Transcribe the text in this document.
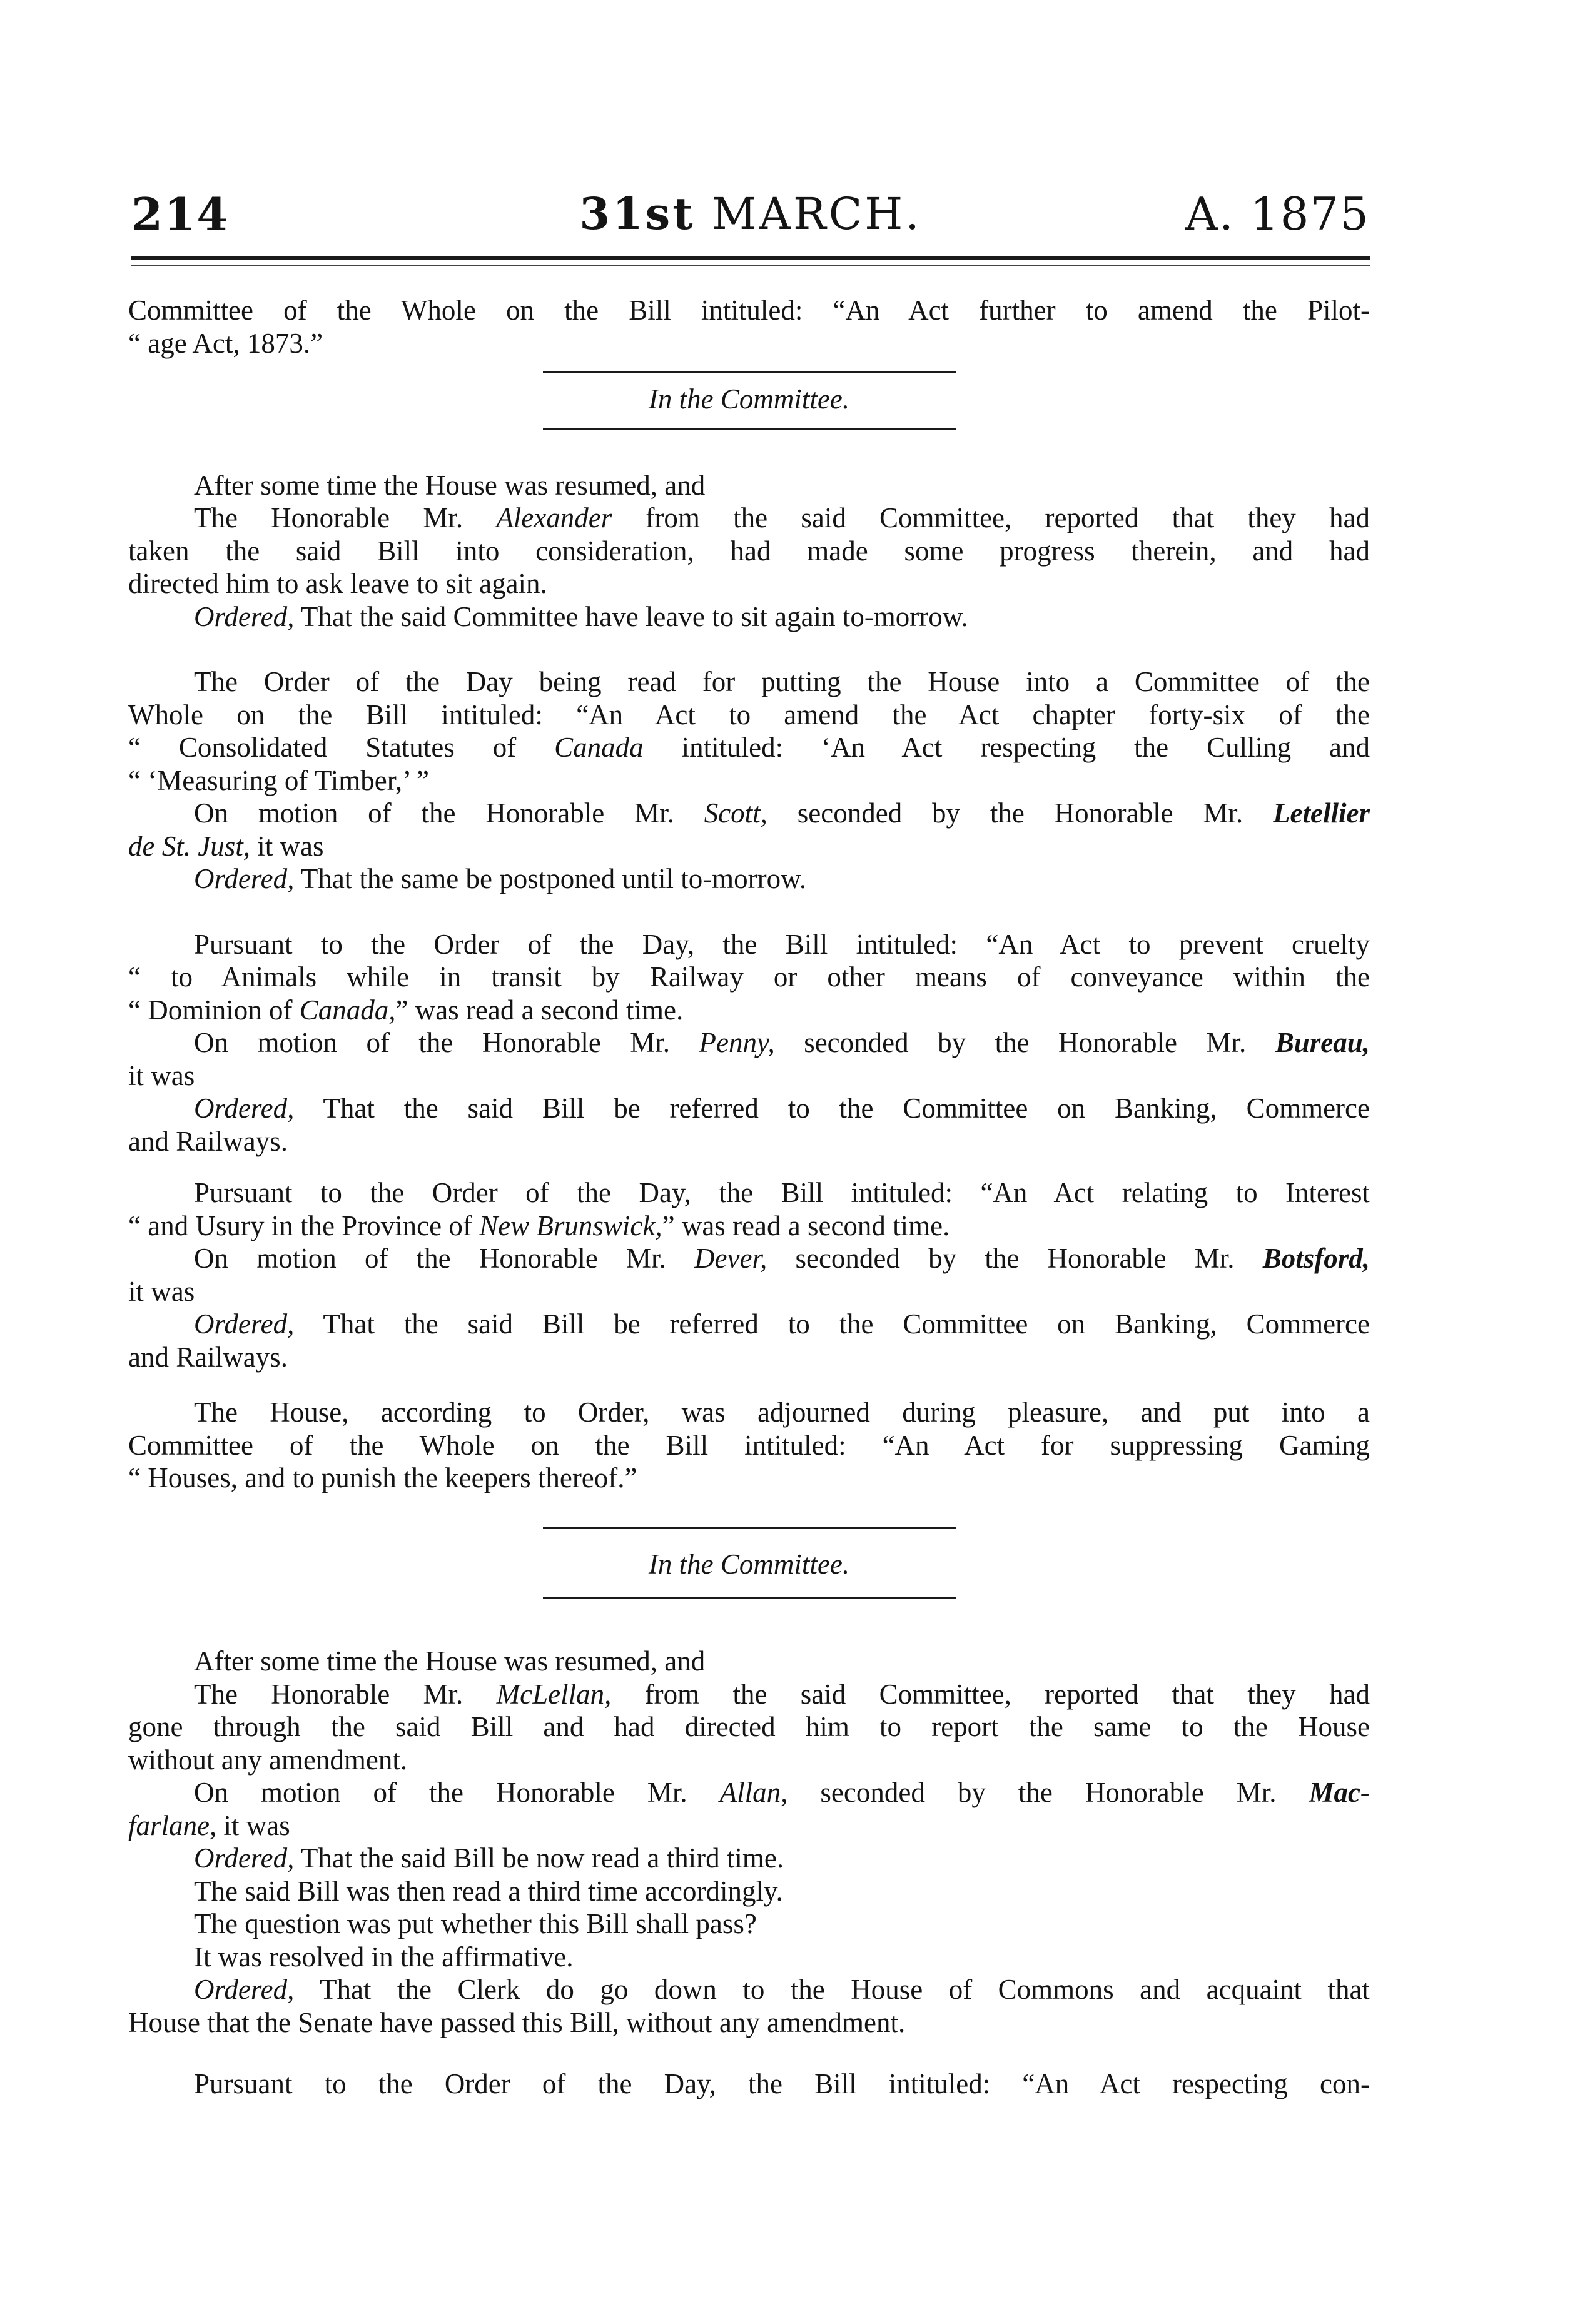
214	31st MARCH.	A. 1875

Committee of the Whole on the Bill intituled: “An Act further to amend the Pilot-
“ age Act, 1873.”

In the Committee.

After some time the House was resumed, and
The Honorable Mr. Alexander from the said Committee, reported that they had
taken the said Bill into consideration, had made some progress therein, and had
directed him to ask leave to sit again.
Ordered, That the said Committee have leave to sit again to-morrow.

The Order of the Day being read for putting the House into a Committee of the
Whole on the Bill intituled: “An Act to amend the Act chapter forty-six of the
“ Consolidated Statutes of Canada intituled: ‘An Act respecting the Culling and
“ ‘Measuring of Timber,’ ”
On motion of the Honorable Mr. Scott, seconded by the Honorable Mr. Letellier
de St. Just, it was
Ordered, That the same be postponed until to-morrow.

Pursuant to the Order of the Day, the Bill intituled: “An Act to prevent cruelty
“ to Animals while in transit by Railway or other means of conveyance within the
“ Dominion of Canada,” was read a second time.
On motion of the Honorable Mr. Penny, seconded by the Honorable Mr. Bureau,
it was
Ordered, That the said Bill be referred to the Committee on Banking, Commerce
and Railways.

Pursuant to the Order of the Day, the Bill intituled: “An Act relating to Interest
“ and Usury in the Province of New Brunswick,” was read a second time.
On motion of the Honorable Mr. Dever, seconded by the Honorable Mr. Botsford,
it was
Ordered, That the said Bill be referred to the Committee on Banking, Commerce
and Railways.

The House, according to Order, was adjourned during pleasure, and put into a
Committee of the Whole on the Bill intituled: “An Act for suppressing Gaming
“ Houses, and to punish the keepers thereof.”

In the Committee.

After some time the House was resumed, and
The Honorable Mr. McLellan, from the said Committee, reported that they had
gone through the said Bill and had directed him to report the same to the House
without any amendment.
On motion of the Honorable Mr. Allan, seconded by the Honorable Mr. Mac-
farlane, it was
Ordered, That the said Bill be now read a third time.
The said Bill was then read a third time accordingly.
The question was put whether this Bill shall pass?
It was resolved in the affirmative.
Ordered, That the Clerk do go down to the House of Commons and acquaint that
House that the Senate have passed this Bill, without any amendment.

Pursuant to the Order of the Day, the Bill intituled: “An Act respecting con-
